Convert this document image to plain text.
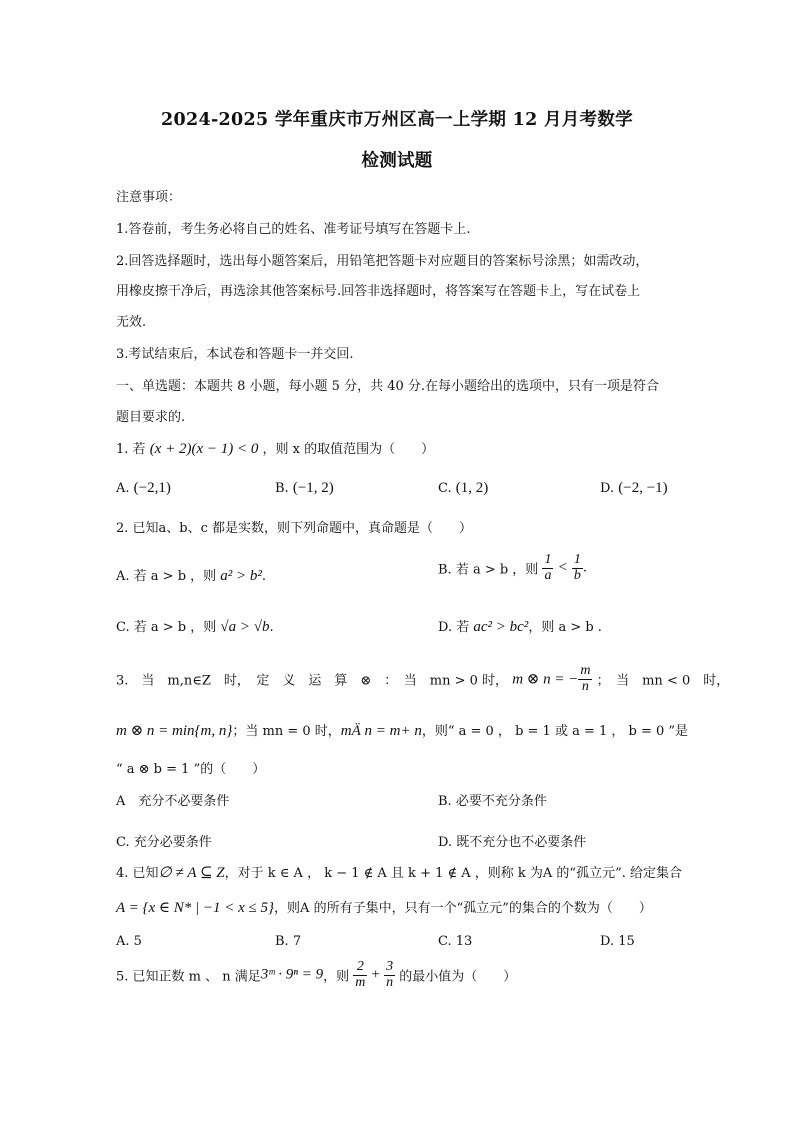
2024-2025 学年重庆市万州区高一上学期 12 月月考数学
检测试题
注意事项：
1.答卷前，考生务必将自己的姓名、准考证号填写在答题卡上.
2.回答选择题时，选出每小题答案后，用铅笔把答题卡对应题目的答案标号涂黑；如需改动，
用橡皮擦干净后，再选涂其他答案标号.回答非选择题时，将答案写在答题卡上，写在试卷上
无效.
3.考试结束后，本试卷和答题卡一并交回.
一、单选题：本题共 8 小题，每小题 5 分，共 40 分.在每小题给出的选项中，只有一项是符合
题目要求的.
1. 若 (x + 2)(x − 1) < 0 ，则 x 的取值范围为（　　）
A. (−2,1)	B. (−1, 2)	C. (1, 2)	D. (−2, −1)
2. 已知a、b、c 都是实数，则下列命题中，真命题是（　　）
A. 若 a > b ，则 a² > b².	B. 若 a > b ，则 $\frac{1}{a} < \frac{1}{b}$ .
C. 若 a > b ，则 √a > √b.	D. 若 ac² > bc²，则 a > b .
3.　当　m,n∈Z　时，　定　义　运　算　⊗　：　当　mn > 0 时， m ⊗ n = − $\frac{m}{n}$ ；　当　mn < 0　时，
m ⊗ n = min{m, n}；当 mn = 0 时，mÄ n = m+ n，则“ a = 0 ， b = 1 或 a = 1 ， b = 0 ”是
“ a ⊗ b = 1 ”的（　　）
A　 充分不必要条件	B. 必要不充分条件
C. 充分必要条件	D. 既不充分也不必要条件
4. 已知∅ ≠ A ⊆ Z，对于 k ∈ A ， k − 1 ∉ A 且 k + 1 ∉ A ，则称 k 为A 的“孤立元”. 给定集合
A = {x ∈ N* | −1 < x ≤ 5}，则A 的所有子集中，只有一个“孤立元”的集合的个数为（　　）
A. 5	B. 7	C. 13	D. 15
5. 已知正数 m 、 n 满足3ᵐ · 9ⁿ = 9，则 $\frac{2}{m} + \frac{3}{n}$ 的最小值为（　　）
